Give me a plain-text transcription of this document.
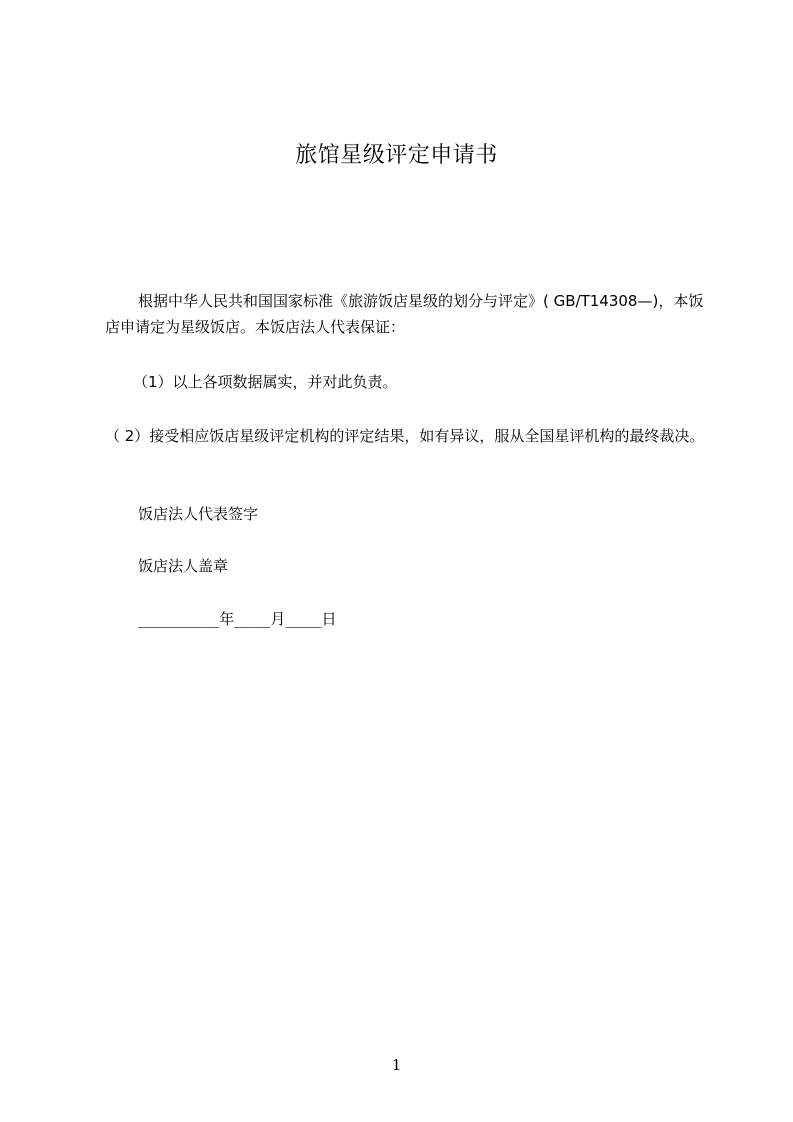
旅馆星级评定申请书
根据中华人民共和国国家标准《旅游饭店星级的划分与评定》( GB/T14308—)，本饭店申请定为星级饭店。本饭店法人代表保证：
（1）以上各项数据属实，并对此负责。
（ 2）接受相应饭店星级评定机构的评定结果，如有异议，服从全国星评机构的最终裁决。
饭店法人代表签字
饭店法人盖章
_________年____月____日
1
